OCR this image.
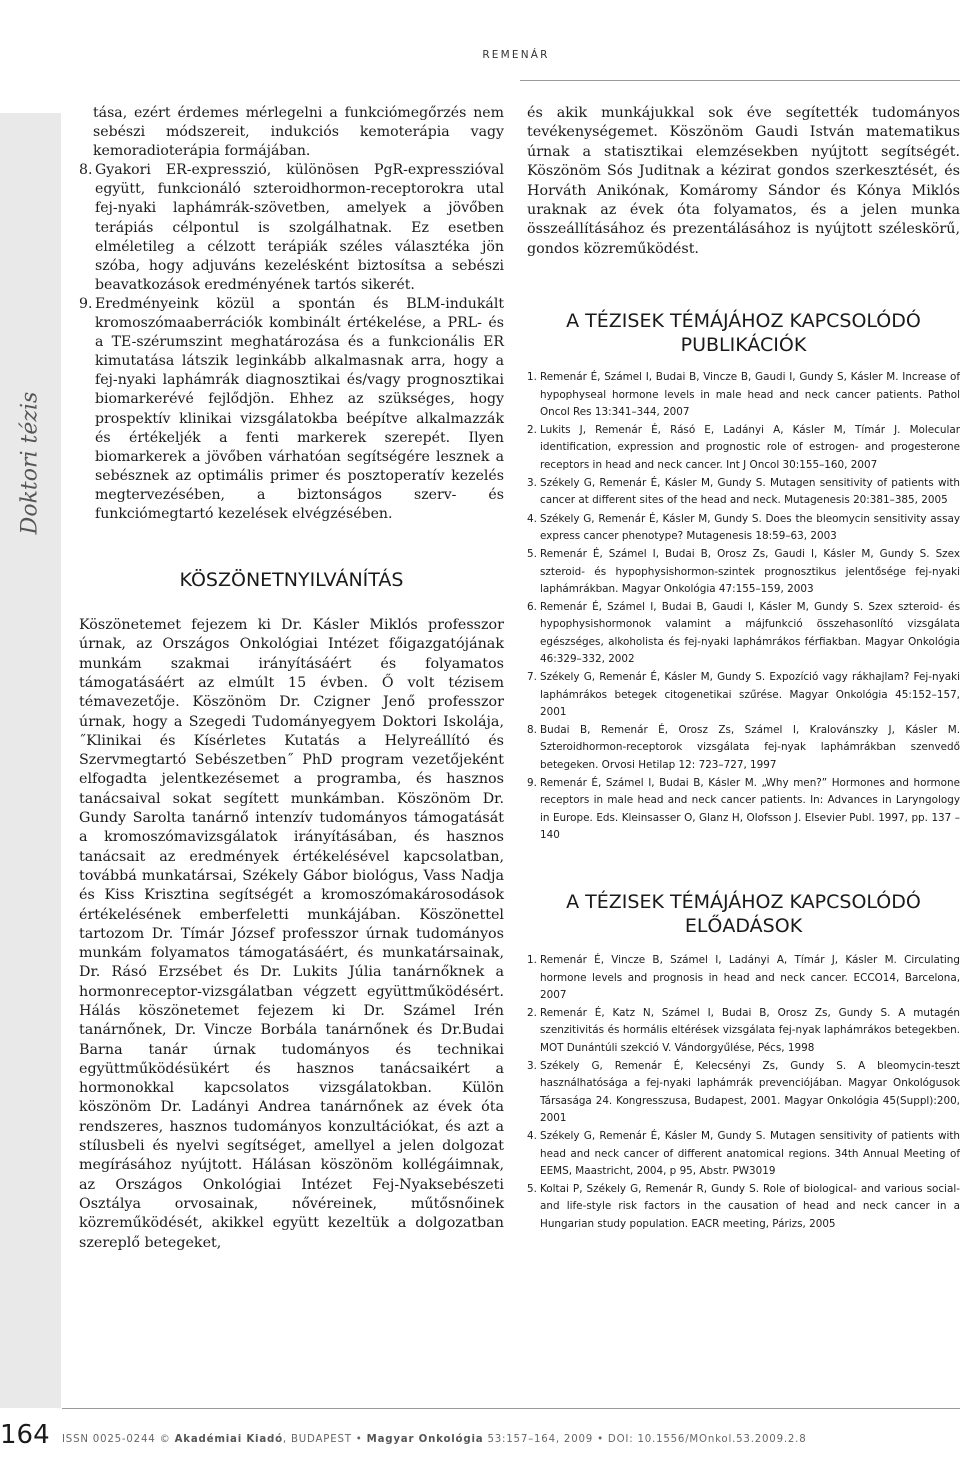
REMENÁR
Doktori tézis
tása, ezért érdemes mérlegelni a funkciómegőrzés nem sebészi módszereit, indukciós kemoterápia vagy kemoradioterápia formájában.
8. Gyakori ER-expresszió, különösen PgR-expresszióval együtt, funkcionáló szteroidhormon-receptorokra utal fej-nyaki laphámrák-szövetben, amelyek a jövőben terápiás célpontul is szolgálhatnak. Ez esetben elméletileg a célzott terápiák széles választéka jön szóba, hogy adjuváns kezelésként biztosítsa a sebészi beavatkozások eredményének tartós sikerét.
9. Eredményeink közül a spontán és BLM-indukált kromoszómaaberrációk kombinált értékelése, a PRL- és a TE-szérumszint meghatározása és a funkcionális ER kimutatása látszik leginkább alkalmasnak arra, hogy a fej-nyaki laphámrák diagnosztikai és/vagy prognosztikai biomarkerévé fejlődjön. Ehhez az szükséges, hogy prospektív klinikai vizsgálatokba beépítve alkalmazzák és értékeljék a fenti markerek szerepét. Ilyen biomarkerek a jövőben várhatóan segítségére lesznek a sebésznek az optimális primer és posztoperatív kezelés megtervezésében, a biztonságos szerv- és funkciómegtartó kezelések elvégzésében.
KÖSZÖNETNYILVÁNÍTÁS
Köszönetemet fejezem ki Dr. Kásler Miklós professzor úrnak, az Országos Onkológiai Intézet főigazgatójának munkám szakmai irányításáért és folyamatos támogatásáért az elmúlt 15 évben. Ő volt tézisem témavezetője. Köszönöm Dr. Czigner Jenő professzor úrnak, hogy a Szegedi Tudományegyem Doktori Iskolája, ˝Klinikai és Kísérletes Kutatás a Helyreállító és Szervmegtartó Sebészetben˝ PhD program vezetőjeként elfogadta jelentkezésemet a programba, és hasznos tanácsaival sokat segített munkámban. Köszönöm Dr. Gundy Sarolta tanárnő intenzív tudományos támogatását a kromoszómavizsgálatok irányításában, és hasznos tanácsait az eredmények értékelésével kapcsolatban, továbbá munkatársai, Székely Gábor biológus, Vass Nadja és Kiss Krisztina segítségét a kromoszómakárosodások értékelésének emberfeletti munkájában. Köszönettel tartozom Dr. Tímár József professzor úrnak tudományos munkám folyamatos támogatásáért, és munkatársainak, Dr. Rásó Erzsébet és Dr. Lukits Júlia tanárnőknek a hormonreceptor-vizsgálatban végzett együttműködésért. Hálás köszönetemet fejezem ki Dr. Számel Irén tanárnőnek, Dr. Vincze Borbála tanárnőnek és Dr.Budai Barna tanár úrnak tudományos és technikai együttműködésükért és hasznos tanácsaikért a hormonokkal kapcsolatos vizsgálatokban. Külön köszönöm Dr. Ladányi Andrea tanárnőnek az évek óta rendszeres, hasznos tudományos konzultációkat, és azt a stílusbeli és nyelvi segítséget, amellyel a jelen dolgozat megírásához nyújtott. Hálásan köszönöm kollégáimnak, az Országos Onkológiai Intézet Fej-Nyaksebészeti Osztálya orvosainak, nővéreinek, műtősnőinek közreműködését, akikkel együtt kezeltük a dolgozatban szereplő betegeket,
és akik munkájukkal sok éve segítették tudományos tevékenységemet. Köszönöm Gaudi István matematikus úrnak a statisztikai elemzésekben nyújtott segítségét. Köszönöm Sós Juditnak a kézirat gondos szerkesztését, és Horváth Anikónak, Komáromy Sándor és Kónya Miklós uraknak az évek óta folyamatos, és a jelen munka összeállításához és prezentálásához is nyújtott széleskörű, gondos közreműködést.
A TÉZISEK TÉMÁJÁHOZ KAPCSOLÓDÓ PUBLIKÁCIÓK
1. Remenár É, Számel I, Budai B, Vincze B, Gaudi I, Gundy S, Kásler M. Increase of hypophyseal hormone levels in male head and neck cancer patients. Pathol Oncol Res 13:341–344, 2007
2. Lukits J, Remenár É, Rásó E, Ladányi A, Kásler M, Tímár J. Molecular identification, expression and prognostic role of estrogen- and progesterone receptors in head and neck cancer. Int J Oncol 30:155–160, 2007
3. Székely G, Remenár É, Kásler M, Gundy S. Mutagen sensitivity of patients with cancer at different sites of the head and neck. Mutagenesis 20:381–385, 2005
4. Székely G, Remenár É, Kásler M, Gundy S. Does the bleomycin sensitivity assay express cancer phenotype? Mutagenesis 18:59–63, 2003
5. Remenár É, Számel I, Budai B, Orosz Zs, Gaudi I, Kásler M, Gundy S. Szex szteroid- és hypophysishormon-szintek prognosztikus jelentősége fej-nyaki laphámrákban. Magyar Onkológia 47:155–159, 2003
6. Remenár É, Számel I, Budai B, Gaudi I, Kásler M, Gundy S. Szex szteroid- és hypophysishormonok valamint a májfunkció összehasonlító vizsgálata egészséges, alkoholista és fej-nyaki laphámrákos férfiakban. Magyar Onkológia 46:329–332, 2002
7. Székely G, Remenár É, Kásler M, Gundy S. Expozíció vagy rákhajlam? Fej-nyaki laphámrákos betegek citogenetikai szűrése. Magyar Onkológia 45:152–157, 2001
8. Budai B, Remenár É, Orosz Zs, Számel I, Kralovánszky J, Kásler M. Szteroidhormon-receptorok vizsgálata fej-nyak laphámrákban szenvedő betegeken. Orvosi Hetilap 12: 723–727, 1997
9. Remenár É, Számel I, Budai B, Kásler M. „Why men?” Hormones and hormone receptors in male head and neck cancer patients. In: Advances in Laryngology in Europe. Eds. Kleinsasser O, Glanz H, Olofsson J. Elsevier Publ. 1997, pp. 137 –140
A TÉZISEK TÉMÁJÁHOZ KAPCSOLÓDÓ ELŐADÁSOK
1. Remenár É, Vincze B, Számel I, Ladányi A, Tímár J, Kásler M. Circulating hormone levels and prognosis in head and neck cancer. ECCO14, Barcelona, 2007
2. Remenár É, Katz N, Számel I, Budai B, Orosz Zs, Gundy S. A mutagén szenzitivitás és hormális eltérések vizsgálata fej-nyak laphámrákos betegekben. MOT Dunántúli szekció V. Vándorgyűlése, Pécs, 1998
3. Székely G, Remenár É, Kelecsényi Zs, Gundy S. A bleomycin-teszt használhatósága a fej-nyaki laphámrák prevenciójában. Magyar Onkológusok Társasága 24. Kongresszusa, Budapest, 2001. Magyar Onkológia 45(Suppl):200, 2001
4. Székely G, Remenár É, Kásler M, Gundy S. Mutagen sensitivity of patients with head and neck cancer of different anatomical regions. 34th Annual Meeting of EEMS, Maastricht, 2004, p 95, Abstr. PW3019
5. Koltai P, Székely G, Remenár R, Gundy S. Role of biological- and various social- and life-style risk factors in the causation of head and neck cancer in a Hungarian study population. EACR meeting, Párizs, 2005
164 ISSN 0025-0244 © Akadémiai Kiadó, BUDAPEST • Magyar Onkológia 53:157–164, 2009 • DOI: 10.1556/MOnkol.53.2009.2.8
